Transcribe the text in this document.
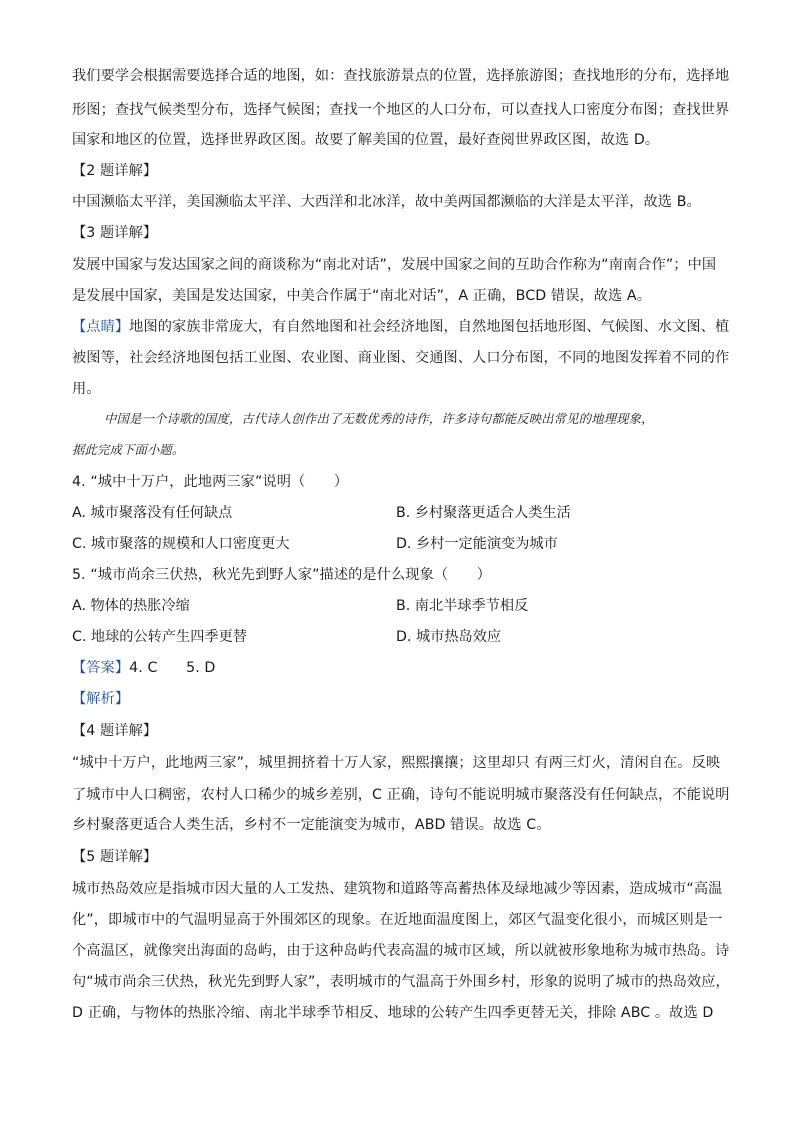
我们要学会根据需要选择合适的地图，如：查找旅游景点的位置，选择旅游图；查找地形的分布，选择地
形图；查找气候类型分布，选择气候图；查找一个地区的人口分布，可以查找人口密度分布图；查找世界
国家和地区的位置，选择世界政区图。故要了解美国的位置，最好查阅世界政区图，故选 D。
【2 题详解】
中国濒临太平洋，美国濒临太平洋、大西洋和北冰洋，故中美两国都濒临的大洋是太平洋，故选 B。
【3 题详解】
发展中国家与发达国家之间的商谈称为“南北对话”，发展中国家之间的互助合作称为“南南合作”；中国
是发展中国家，美国是发达国家，中美合作属于“南北对话”，A 正确，BCD 错误，故选 A。
【点睛】地图的家族非常庞大，有自然地图和社会经济地图，自然地图包括地形图、气候图、水文图、植
被图等，社会经济地图包括工业图、农业图、商业图、交通图、人口分布图，不同的地图发挥着不同的作
用。
中国是一个诗歌的国度，古代诗人创作出了无数优秀的诗作，许多诗句都能反映出常见的地理现象，
据此完成下面小题。
4. “城中十万户，此地两三家”说明（　　）
A. 城市聚落没有任何缺点	B. 乡村聚落更适合人类生活
C. 城市聚落的规模和人口密度更大	D. 乡村一定能演变为城市
5. “城市尚余三伏热，秋光先到野人家”描述的是什么现象（　　）
A. 物体的热胀冷缩	B. 南北半球季节相反
C. 地球的公转产生四季更替	D. 城市热岛效应
【答案】4. C　　5. D
【解析】
【4 题详解】
“城中十万户，此地两三家”，城里拥挤着十万人家，熙熙攘攘；这里却只 有两三灯火，清闲自在。反映
了城市中人口稠密，农村人口稀少的城乡差别，C 正确，诗句不能说明城市聚落没有任何缺点，不能说明
乡村聚落更适合人类生活，乡村不一定能演变为城市，ABD 错误。故选 C。
【5 题详解】
城市热岛效应是指城市因大量的人工发热、建筑物和道路等高蓄热体及绿地减少等因素，造成城市“高温
化”，即城市中的气温明显高于外围郊区的现象。在近地面温度图上，郊区气温变化很小，而城区则是一
个高温区，就像突出海面的岛屿，由于这种岛屿代表高温的城市区域，所以就被形象地称为城市热岛。诗
句“城市尚余三伏热，秋光先到野人家”，表明城市的气温高于外围乡村，形象的说明了城市的热岛效应，
D 正确，与物体的热胀冷缩、南北半球季节相反、地球的公转产生四季更替无关，排除 ABC 。故选 D
